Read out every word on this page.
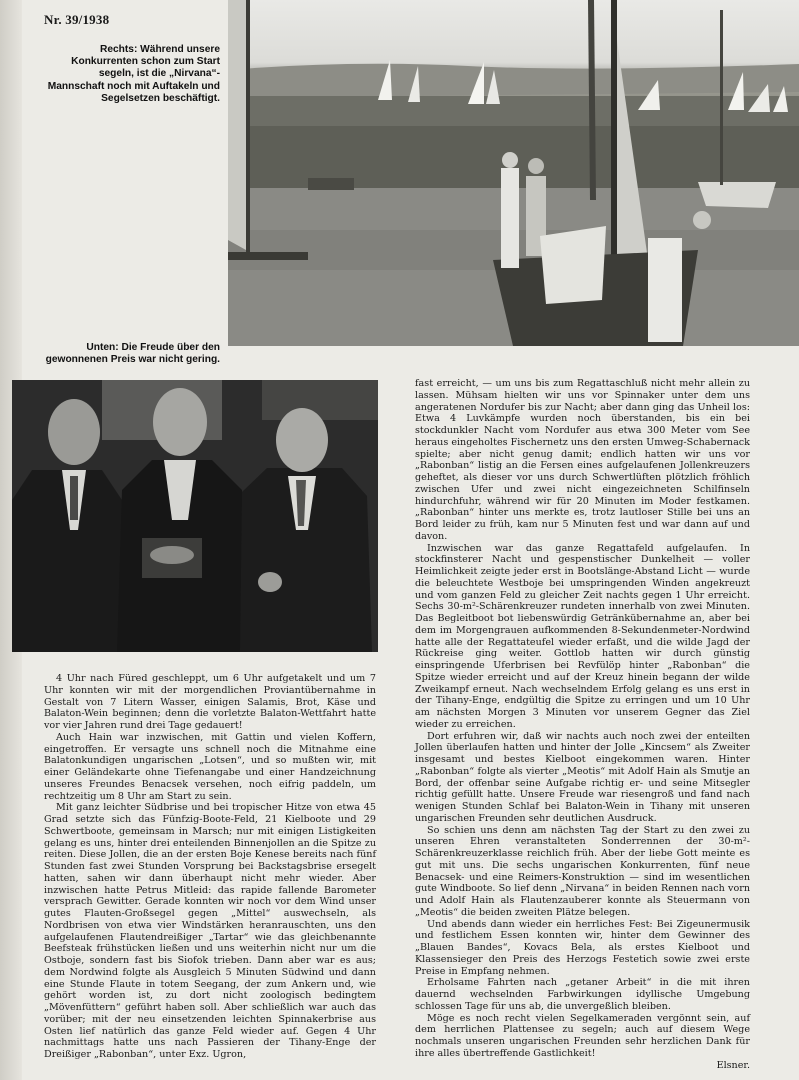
Nr. 39/1938
Rechts: Während unsere Konkurrenten schon zum Start segeln, ist die „Nirvana“-Mannschaft noch mit Auftakeln und Segelsetzen beschäftigt.
Unten: Die Freude über den gewonnenen Preis war nicht gering.

4 Uhr nach Füred geschleppt, um 6 Uhr aufgetakelt und um 7 Uhr konnten wir mit der morgendlichen Proviantübernahme in Gestalt von 7 Litern Wasser, einigen Salamis, Brot, Käse und Balaton-Wein beginnen; denn die vorletzte Balaton-Wettfahrt hatte vor vier Jahren rund drei Tage gedauert!

Auch Hain war inzwischen, mit Gattin und vielen Koffern, eingetroffen. Er versagte uns schnell noch die Mitnahme eine Balatonkundigen ungarischen „Lotsen“, und so mußten wir, mit einer Geländekarte ohne Tiefenangabe und einer Handzeichnung unseres Freundes Benacsek versehen, noch eifrig paddeln, um rechtzeitig um 8 Uhr am Start zu sein.

Mit ganz leichter Südbrise und bei tropischer Hitze von etwa 45 Grad setzte sich das Fünfzig-Boote-Feld, 21 Kielboote und 29 Schwertboote, gemeinsam in Marsch; nur mit einigen Listigkeiten gelang es uns, hinter drei enteilenden Binnenjollen an die Spitze zu reiten. Diese Jollen, die an der ersten Boje Kenese bereits nach fünf Stunden fast zwei Stunden Vorsprung bei Backstagsbrise ersegelt hatten, sahen wir dann überhaupt nicht mehr wieder. Aber inzwischen hatte Petrus Mitleid: das rapide fallende Barometer versprach Gewitter. Gerade konnten wir noch vor dem Wind unser gutes Flauten-Großsegel gegen „Mittel“ auswechseln, als Nordbrisen von etwa vier Windstärken heranrauschten, uns den aufgelaufenen Flautendreißiger „Tartar“ wie das gleichbenannte Beefsteak frühstücken ließen und uns weiterhin nicht nur um die Ostboje, sondern fast bis Siofok trieben. Dann aber war es aus; dem Nordwind folgte als Ausgleich 5 Minuten Südwind und dann eine Stunde Flaute in totem Seegang, der zum Ankern und, wie gehört worden ist, zu dort nicht zoologisch bedingtem „Mövenfüttern“ geführt haben soll. Aber schließlich war auch das vorüber; mit der neu einsetzenden leichten Spinnakerbrise aus Osten lief natürlich das ganze Feld wieder auf. Gegen 4 Uhr nachmittags hatte uns nach Passieren der Tihany-Enge der Dreißiger „Rabonban“, unter Exz. Ugron,

fast erreicht, — um uns bis zum Regattaschluß nicht mehr allein zu lassen. Mühsam hielten wir uns vor Spinnaker unter dem uns angeratenen Nordufer bis zur Nacht; aber dann ging das Unheil los: Etwa 4 Luvkämpfe wurden noch überstanden, bis ein bei stockdunkler Nacht vom Nordufer aus etwa 300 Meter vom See heraus eingeholtes Fischernetz uns den ersten Umweg-Schabernack spielte; aber nicht genug damit; endlich hatten wir uns vor „Rabonban“ listig an die Fersen eines aufgelaufenen Jollenkreuzers geheftet, als dieser vor uns durch Schwertlüften plötzlich fröhlich zwischen Ufer und zwei nicht eingezeichneten Schilfinseln hindurchfuhr, während wir für 20 Minuten im Moder festkamen. „Rabonban“ hinter uns merkte es, trotz lautloser Stille bei uns an Bord leider zu früh, kam nur 5 Minuten fest und war dann auf und davon.

Inzwischen war das ganze Regattafeld aufgelaufen. In stockfinsterer Nacht und gespenstischer Dunkelheit — voller Heimlichkeit zeigte jeder erst in Bootslänge-Abstand Licht — wurde die beleuchtete Westboje bei umspringenden Winden angekreuzt und vom ganzen Feld zu gleicher Zeit nachts gegen 1 Uhr erreicht. Sechs 30-m²-Schärenkreuzer rundeten innerhalb von zwei Minuten. Das Begleitboot bot liebenswürdig Getränkübernahme an, aber bei dem im Morgengrauen aufkommenden 8-Sekundenmeter-Nordwind hatte alle der Regattateufel wieder erfaßt, und die wilde Jagd der Rückreise ging weiter. Gottlob hatten wir durch günstig einspringende Uferbrisen bei Revfülöp hinter „Rabonban“ die Spitze wieder erreicht und auf der Kreuz hinein begann der wilde Zweikampf erneut. Nach wechselndem Erfolg gelang es uns erst in der Tihany-Enge, endgültig die Spitze zu erringen und um 10 Uhr am nächsten Morgen 3 Minuten vor unserem Gegner das Ziel wieder zu erreichen.

Dort erfuhren wir, daß wir nachts auch noch zwei der enteilten Jollen überlaufen hatten und hinter der Jolle „Kincsem“ als Zweiter insgesamt und bestes Kielboot eingekommen waren. Hinter „Rabonban“ folgte als vierter „Meotis“ mit Adolf Hain als Smutje an Bord, der offenbar seine Aufgabe richtig er- und seine Mitsegler richtig gefüllt hatte. Unsere Freude war riesengroß und fand nach wenigen Stunden Schlaf bei Balaton-Wein in Tihany mit unseren ungarischen Freunden sehr deutlichen Ausdruck.

So schien uns denn am nächsten Tag der Start zu den zwei zu unseren Ehren veranstalteten Sonderrennen der 30-m²-Schärenkreuzerklasse reichlich früh. Aber der liebe Gott meinte es gut mit uns. Die sechs ungarischen Konkurrenten, fünf neue Benacsek- und eine Reimers-Konstruktion — sind im wesentlichen gute Windboote. So lief denn „Nirvana“ in beiden Rennen nach vorn und Adolf Hain als Flautenzauberer konnte als Steuermann von „Meotis“ die beiden zweiten Plätze belegen.

Und abends dann wieder ein herrliches Fest: Bei Zigeunermusik und festlichem Essen konnten wir, hinter dem Gewinner des „Blauen Bandes“, Kovacs Bela, als erstes Kielboot und Klassensieger den Preis des Herzogs Festetich sowie zwei erste Preise in Empfang nehmen.

Erholsame Fahrten nach „getaner Arbeit“ in die mit ihren dauernd wechselnden Farbwirkungen idyllische Umgebung schlossen Tage für uns ab, die unvergeßlich bleiben.

Möge es noch recht vielen Segelkameraden vergönnt sein, auf dem herrlichen Plattensee zu segeln; auch auf diesem Wege nochmals unseren ungarischen Freunden sehr herzlichen Dank für ihre alles übertreffende Gastlichkeit!

Elsner.
